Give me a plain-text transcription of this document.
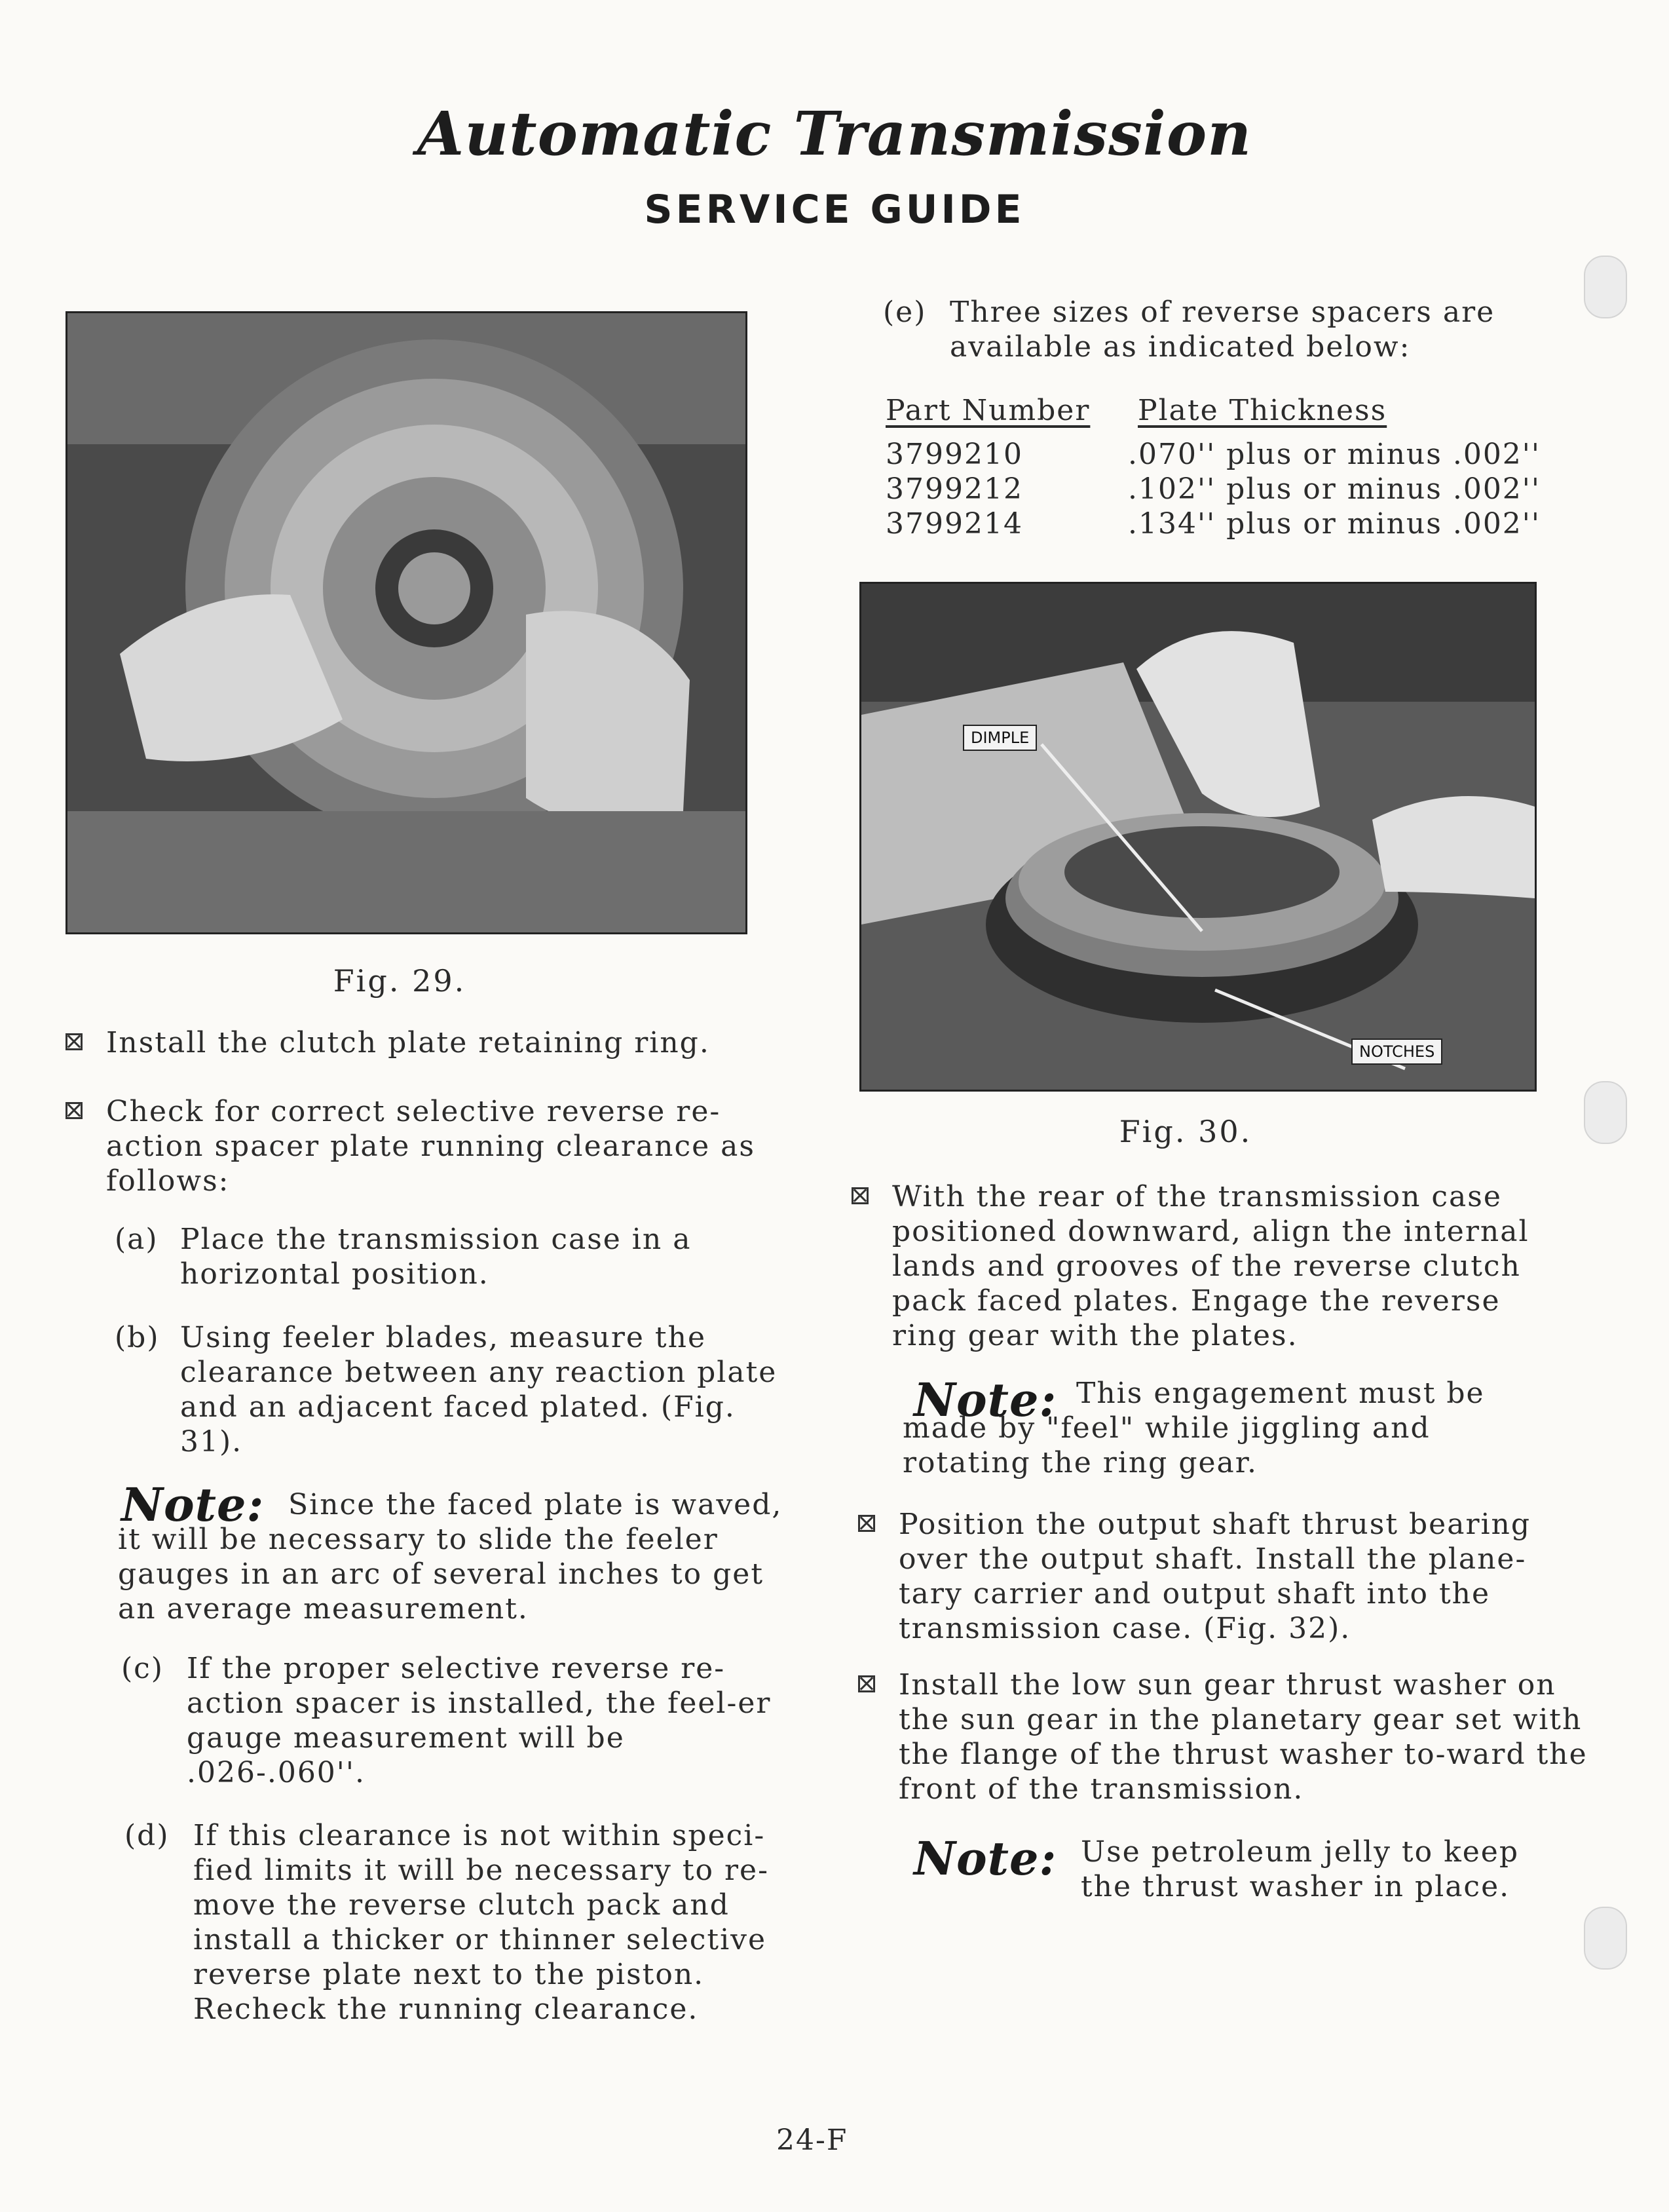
Automatic Transmission
SERVICE GUIDE
Fig. 29.
Install the clutch plate retaining ring.
Check for correct selective reverse re-action spacer plate running clearance as follows:
(a) Place the transmission case in a horizontal position.
(b) Using feeler blades, measure the clearance between any reaction plate and an adjacent faced plated. (Fig. 31).
Note: Since the faced plate is waved, it will be necessary to slide the feeler gauges in an arc of several inches to get an average measurement.
(c) If the proper selective reverse re-action spacer is installed, the feel-er gauge measurement will be .026-.060''.
(d) If this clearance is not within speci-fied limits it will be necessary to re-move the reverse clutch pack and install a thicker or thinner selective reverse plate next to the piston. Recheck the running clearance.
(e) Three sizes of reverse spacers are available as indicated below:
Part Number	Plate Thickness
3799210	.070'' plus or minus .002''
3799212	.102'' plus or minus .002''
3799214	.134'' plus or minus .002''
DIMPLE
NOTCHES
Fig. 30.
With the rear of the transmission case positioned downward, align the internal lands and grooves of the reverse clutch pack faced plates. Engage the reverse ring gear with the plates.
Note: This engagement must be made by "feel" while jiggling and rotating the ring gear.
Position the output shaft thrust bearing over the output shaft. Install the plane-tary carrier and output shaft into the transmission case. (Fig. 32).
Install the low sun gear thrust washer on the sun gear in the planetary gear set with the flange of the thrust washer to-ward the front of the transmission.
Note: Use petroleum jelly to keep the thrust washer in place.
24-F
